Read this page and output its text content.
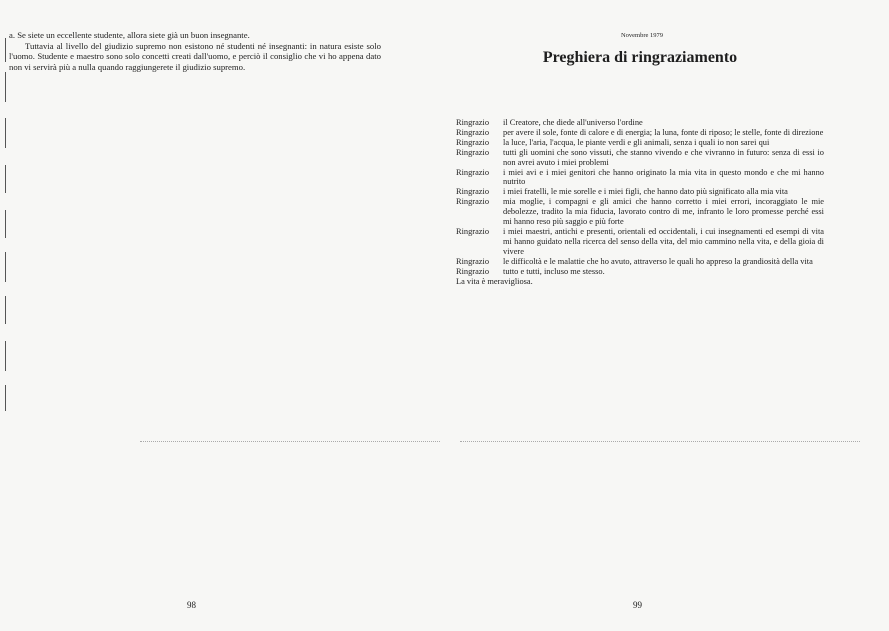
a. Se siete un eccellente studente, allora siete già un buon insegnante.

Tuttavia al livello del giudizio supremo non esistono né studenti né insegnanti: in natura esiste solo l'uomo. Studente e maestro sono solo concetti creati dall'uomo, e perciò il consiglio che vi ho appena dato non vi servirà più a nulla quando raggiungerete il giudizio supremo.

98
Novembre 1979
Preghiera di ringraziamento
Ringrazio	il Creatore, che diede all'universo l'ordine
Ringrazio	per avere il sole, fonte di calore e di energia; la luna, fonte di riposo; le stelle, fonte di direzione
Ringrazio	la luce, l'aria, l'acqua, le piante verdi e gli animali, senza i quali io non sarei qui
Ringrazio	tutti gli uomini che sono vissuti, che stanno vivendo e che vivranno in futuro: senza di essi io non avrei avuto i miei problemi
Ringrazio	i miei avi e i miei genitori che hanno originato la mia vita in questo mondo e che mi hanno nutrito
Ringrazio	i miei fratelli, le mie sorelle e i miei figli, che hanno dato più significato alla mia vita
Ringrazio	mia moglie, i compagni e gli amici che hanno corretto i miei errori, incoraggiato le mie debolezze, tradito la mia fiducia, lavorato contro di me, infranto le loro promesse perché essi mi hanno reso più saggio e più forte
Ringrazio	i miei maestri, antichi e presenti, orientali ed occidentali, i cui insegnamenti ed esempi di vita mi hanno guidato nella ricerca del senso della vita, del mio cammino nella vita, e della gioia di vivere
Ringrazio	le difficoltà e le malattie che ho avuto, attraverso le quali ho appreso la grandiosità della vita
Ringrazio	tutto e tutti, incluso me stesso.

La vita è meravigliosa.

99
